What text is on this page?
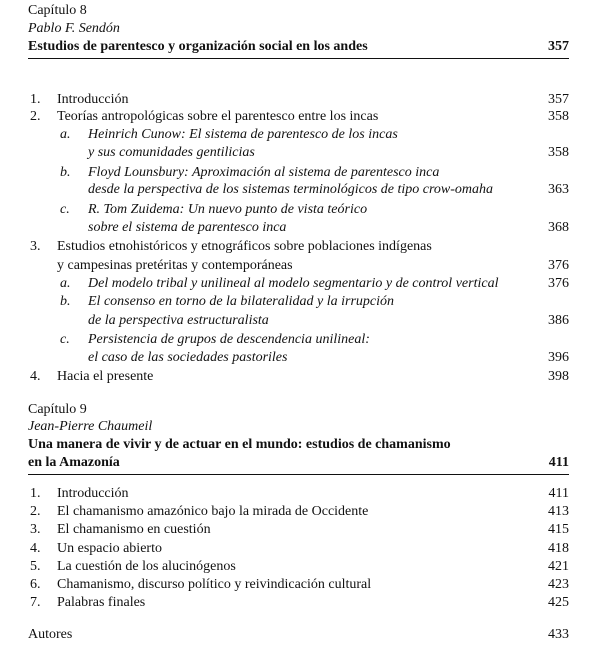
Capítulo 8
Pablo F. Sendón
Estudios de parentesco y organización social en los andes	357
1. Introducción	357
2. Teorías antropológicas sobre el parentesco entre los incas	358
a. Heinrich Cunow: El sistema de parentesco de los incas
y sus comunidades gentilicias	358
b. Floyd Lounsbury: Aproximación al sistema de parentesco inca
desde la perspectiva de los sistemas terminológicos de tipo crow-omaha	363
c. R. Tom Zuidema: Un nuevo punto de vista teórico
sobre el sistema de parentesco inca	368
3. Estudios etnohistóricos y etnográficos sobre poblaciones indígenas
y campesinas pretéritas y contemporáneas	376
a. Del modelo tribal y unilineal al modelo segmentario y de control vertical	376
b. El consenso en torno de la bilateralidad y la irrupción
de la perspectiva estructuralista	386
c. Persistencia de grupos de descendencia unilineal:
el caso de las sociedades pastoriles	396
4. Hacia el presente	398
Capítulo 9
Jean-Pierre Chaumeil
Una manera de vivir y de actuar en el mundo: estudios de chamanismo
en la Amazonía	411
1. Introducción	411
2. El chamanismo amazónico bajo la mirada de Occidente	413
3. El chamanismo en cuestión	415
4. Un espacio abierto	418
5. La cuestión de los alucinógenos	421
6. Chamanismo, discurso político y reivindicación cultural	423
7. Palabras finales	425
Autores	433
